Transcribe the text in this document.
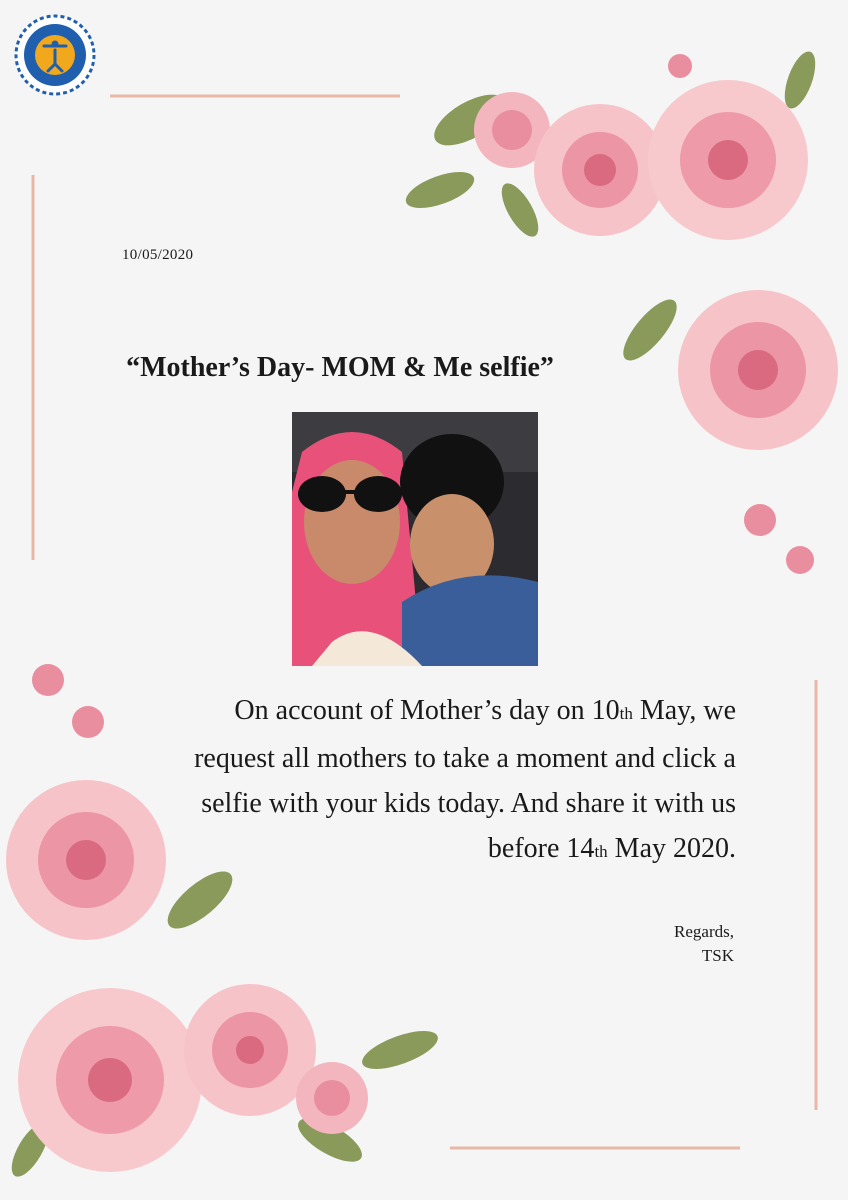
10/05/2020
“Mother’s Day- MOM & Me selfie”
On account of Mother’s day on 10th May, we
request all mothers to take a moment and click a
selfie with your kids today. And share it with us
before 14th May 2020.
Regards,
TSK
